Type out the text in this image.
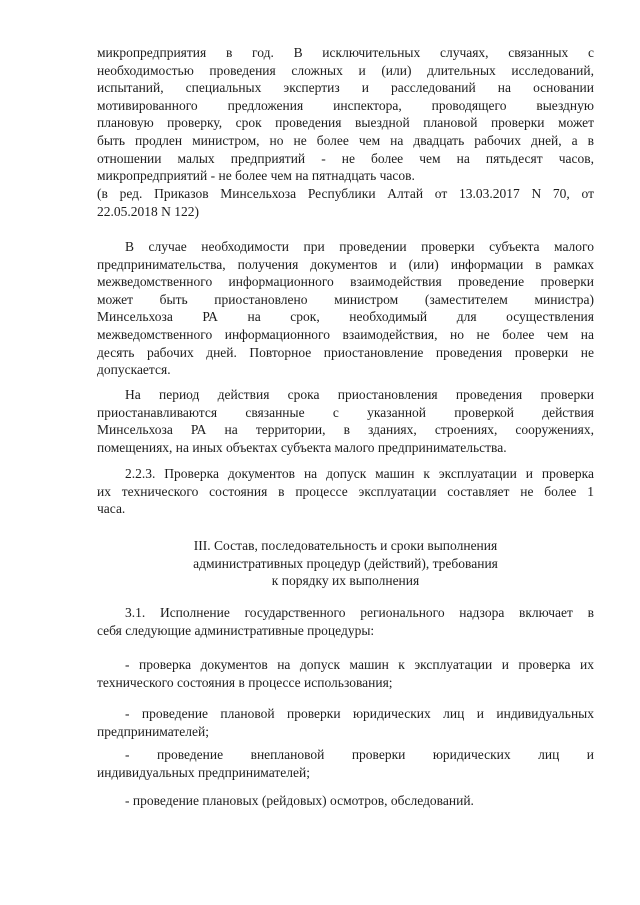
микропредприятия в год. В исключительных случаях, связанных с
необходимостью проведения сложных и (или) длительных исследований,
испытаний, специальных экспертиз и расследований на основании
мотивированного предложения инспектора, проводящего выездную
плановую проверку, срок проведения выездной плановой проверки может
быть продлен министром, но не более чем на двадцать рабочих дней, а в
отношении малых предприятий - не более чем на пятьдесят часов,
микропредприятий - не более чем на пятнадцать часов.
(в ред. Приказов Минсельхоза Республики Алтай от 13.03.2017 N 70, от
22.05.2018 N 122)
В случае необходимости при проведении проверки субъекта малого
предпринимательства, получения документов и (или) информации в рамках
межведомственного информационного взаимодействия проведение проверки
может быть приостановлено министром (заместителем министра)
Минсельхоза РА на срок, необходимый для осуществления
межведомственного информационного взаимодействия, но не более чем на
десять рабочих дней. Повторное приостановление проведения проверки не
допускается.
На период действия срока приостановления проведения проверки
приостанавливаются связанные с указанной проверкой действия
Минсельхоза РА на территории, в зданиях, строениях, сооружениях,
помещениях, на иных объектах субъекта малого предпринимательства.
2.2.3. Проверка документов на допуск машин к эксплуатации и проверка
их технического состояния в процессе эксплуатации составляет не более 1
часа.
III. Состав, последовательность и сроки выполнения
административных процедур (действий), требования
к порядку их выполнения
3.1. Исполнение государственного регионального надзора включает в
себя следующие административные процедуры:
- проверка документов на допуск машин к эксплуатации и проверка их
технического состояния в процессе использования;
- проведение плановой проверки юридических лиц и индивидуальных
предпринимателей;
- проведение внеплановой проверки юридических лиц и
индивидуальных предпринимателей;
- проведение плановых (рейдовых) осмотров, обследований.
